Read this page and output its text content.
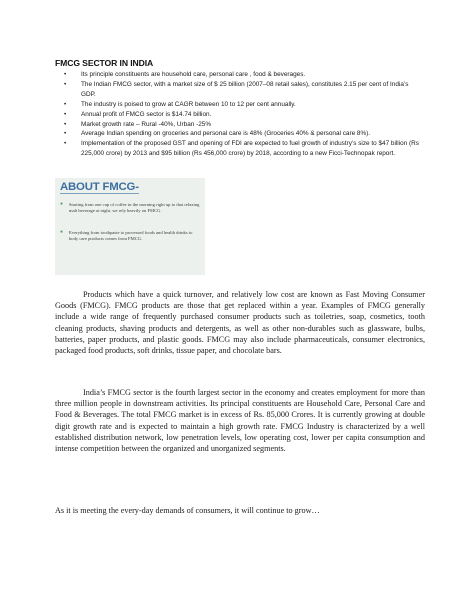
FMCG SECTOR IN INDIA
• Its principle constituents are household care, personal care , food & beverages.
• The Indian FMCG sector, with a market size of $ 25 billion (2007–08 retail sales), constitutes 2.15 per cent of India’s GDP.
• The industry is poised to grow at CAGR between 10 to 12 per cent annually.
• Annual profit of FMCG sector is $14.74 billion.
• Market growth rate – Rural -40%, Urban -25%
• Average Indian spending on groceries and personal care is 48% (Groceries 40% & personal care 8%).
• Implementation of the proposed GST and opening of FDI are expected to fuel growth of industry’s size to $47 billion (Rs 225,000 crore) by 2013 and $95 billion (Rs 456,000 crore) by 2018, according to a new Ficci-Technopak report.
ABOUT FMCG-
●	Starting from one cup of coffee in the morning right up to that relaxing malt beverage at night, we rely heavily on FMCG.
●	Everything from toothpaste to processed foods and health drinks to body care products comes from FMCG.

Products which have a quick turnover, and relatively low cost are known as Fast Moving Consumer Goods (FMCG). FMCG products are those that get replaced within a year. Examples of FMCG generally include a wide range of frequently purchased consumer products such as toiletries, soap, cosmetics, tooth cleaning products, shaving products and detergents, as well as other non-durables such as glassware, bulbs, batteries, paper products, and plastic goods. FMCG may also include pharmaceuticals, consumer electronics, packaged food products, soft drinks, tissue paper, and chocolate bars.

India’s FMCG sector is the fourth largest sector in the economy and creates employment for more than three million people in downstream activities. Its principal constituents are Household Care, Personal Care and Food & Beverages. The total FMCG market is in excess of Rs. 85,000 Crores. It is currently growing at double digit growth rate and is expected to maintain a high growth rate. FMCG Industry is characterized by a well established distribution network, low penetration levels, low operating cost, lower per capita consumption and intense competition between the organized and unorganized segments.

As it is meeting the every-day demands of consumers, it will continue to grow…
